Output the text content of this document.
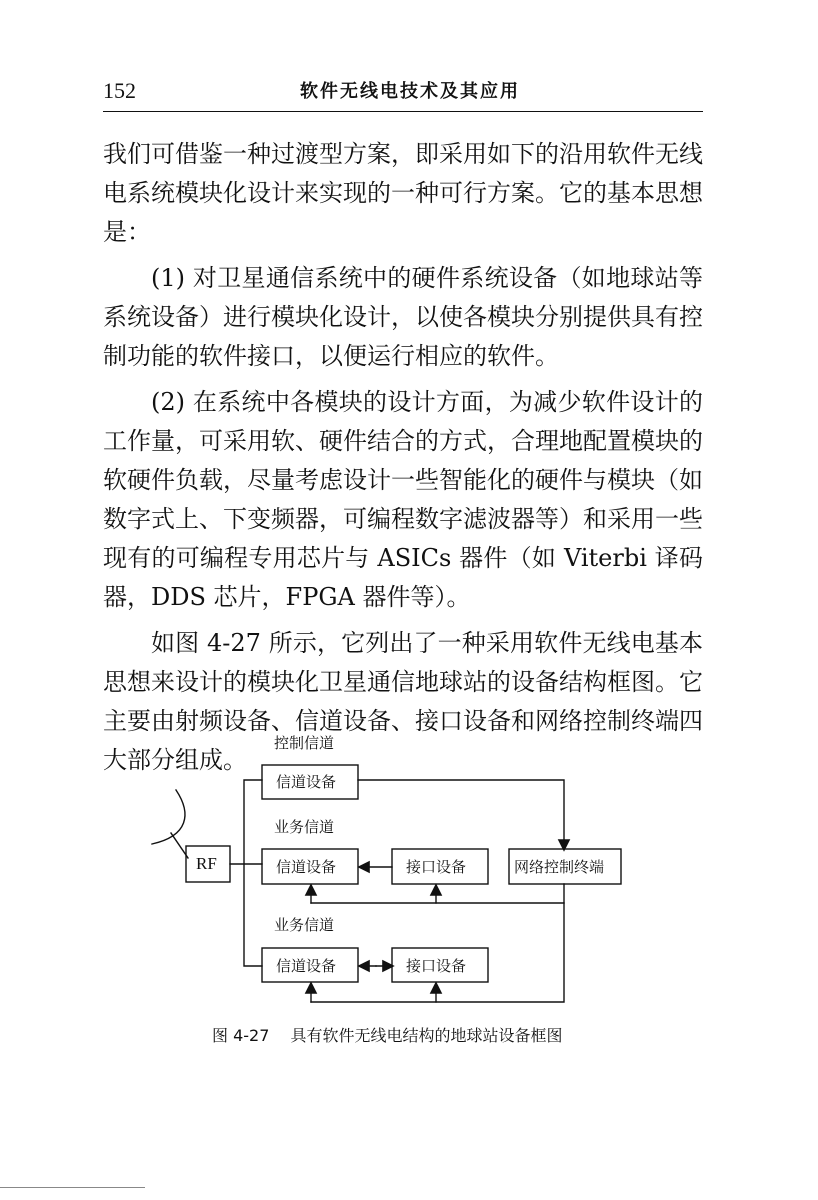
152	软件无线电技术及其应用

我们可借鉴一种过渡型方案，即采用如下的沿用软件无线电系统模块化设计来实现的一种可行方案。它的基本思想是：

(1) 对卫星通信系统中的硬件系统设备（如地球站等系统设备）进行模块化设计，以使各模块分别提供具有控制功能的软件接口，以便运行相应的软件。

(2) 在系统中各模块的设计方面，为减少软件设计的工作量，可采用软、硬件结合的方式，合理地配置模块的软硬件负载，尽量考虑设计一些智能化的硬件与模块（如数字式上、下变频器，可编程数字滤波器等）和采用一些现有的可编程专用芯片与 ASICs 器件（如 Viterbi 译码器，DDS 芯片，FPGA 器件等）。

如图 4-27 所示，它列出了一种采用软件无线电基本思想来设计的模块化卫星通信地球站的设备结构框图。它主要由射频设备、信道设备、接口设备和网络控制终端四大部分组成。

控制信道
业务信道
业务信道
RF
信道设备
信道设备	接口设备	网络控制终端
信道设备	接口设备
图 4-27 具有软件无线电结构的地球站设备框图
